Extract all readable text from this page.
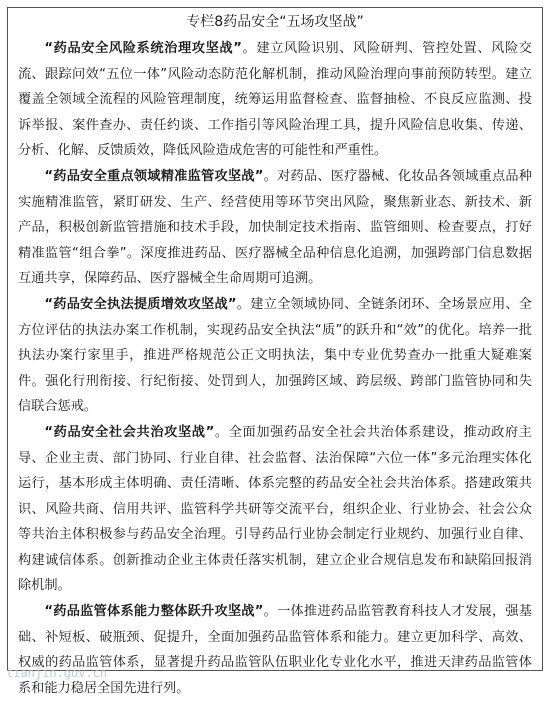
专栏8药品安全“五场攻坚战”

“药品安全风险系统治理攻坚战”。建立风险识别、风险研判、管控处置、风险交流、跟踪问效“五位一体”风险动态防范化解机制，推动风险治理向事前预防转型。建立覆盖全领域全流程的风险管理制度，统筹运用监督检查、监督抽检、不良反应监测、投诉举报、案件查办、责任约谈、工作指引等风险治理工具，提升风险信息收集、传递、分析、化解、反馈质效，降低风险造成危害的可能性和严重性。

“药品安全重点领域精准监管攻坚战”。对药品、医疗器械、化妆品各领域重点品种实施精准监管，紧盯研发、生产、经营使用等环节突出风险，聚焦新业态、新技术、新产品，积极创新监管措施和技术手段，加快制定技术指南、监管细则、检查要点，打好精准监管“组合拳”。深度推进药品、医疗器械全品种信息化追溯，加强跨部门信息数据互通共享，保障药品、医疗器械全生命周期可追溯。

“药品安全执法提质增效攻坚战”。建立全领域协同、全链条闭环、全场景应用、全方位评估的执法办案工作机制，实现药品安全执法“质”的跃升和“效”的优化。培养一批执法办案行家里手，推进严格规范公正文明执法，集中专业优势查办一批重大疑难案件。强化行刑衔接、行纪衔接、处罚到人，加强跨区域、跨层级、跨部门监管协同和失信联合惩戒。

“药品安全社会共治攻坚战”。全面加强药品安全社会共治体系建设，推动政府主导、企业主责、部门协同、行业自律、社会监督、法治保障“六位一体”多元治理实体化运行，基本形成主体明确、责任清晰、体系完整的药品安全社会共治体系。搭建政策共识、风险共商、信用共评、监管科学共研等交流平台，组织企业、行业协会、社会公众等共治主体积极参与药品安全治理。引导药品行业协会制定行业规约、加强行业自律、构建诚信体系。创新推动企业主体责任落实机制，建立企业合规信息发布和缺陷回报消除机制。

“药品监管体系能力整体跃升攻坚战”。一体推进药品监管教育科技人才发展，强基础、补短板、破瓶颈、促提升，全面加强药品监管体系和能力。建立更加科学、高效、权威的药品监管体系，显著提升药品监管队伍职业化专业化水平，推进天津药品监管体系和能力稳居全国先进行列。

tianjin.gov.cn
